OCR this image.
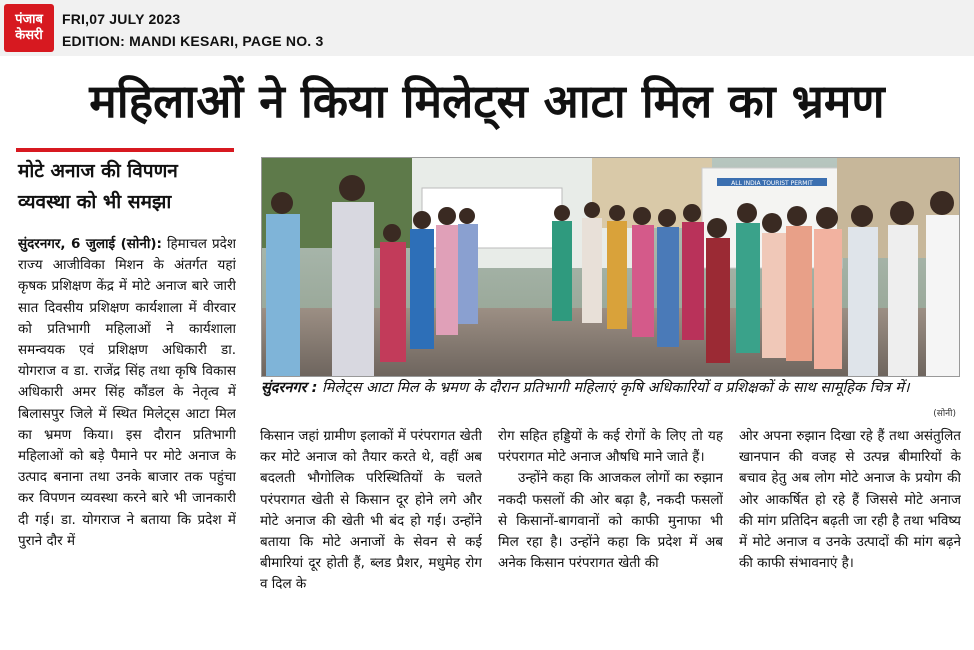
पंजाब
केसरी
FRI,07 JULY 2023
EDITION: MANDI KESARI, PAGE NO. 3
महिलाओं ने किया मिलेट्स आटा मिल का भ्रमण
मोटे अनाज की विपणन व्यवस्था को भी समझा

सुंदरनगर, 6 जुलाई (सोनी): हिमाचल प्रदेश राज्य आजीविका मिशन के अंतर्गत यहां कृषक प्रशिक्षण केंद्र में मोटे अनाज बारे जारी सात दिवसीय प्रशिक्षण कार्यशाला में वीरवार को प्रतिभागी महिलाओं ने कार्यशाला समन्वयक एवं प्रशिक्षण अधिकारी डा. योगराज व डा. राजेंद्र सिंह तथा कृषि विकास अधिकारी अमर सिंह कौंडल के नेतृत्व में बिलासपुर जिले में स्थित मिलेट्स आटा मिल का भ्रमण किया। इस दौरान प्रतिभागी महिलाओं को बड़े पैमाने पर मोटे अनाज के उत्पाद बनाना तथा उनके बाजार तक पहुंचा कर विपणन व्यवस्था करने बारे भी जानकारी दी गई। डा. योगराज ने बताया कि प्रदेश में पुराने दौर में

ALL INDIA TOURIST PERMIT
सुंदरनगर : मिलेट्स आटा मिल के भ्रमण के दौरान प्रतिभागी महिलाएं कृषि अधिकारियों व प्रशिक्षकों के साथ सामूहिक चित्र में।
(सोनी)

किसान जहां ग्रामीण इलाकों में परंपरागत खेती कर मोटे अनाज को तैयार करते थे, वहीं अब बदलती भौगोलिक परिस्थितियों के चलते परंपरागत खेती से किसान दूर होने लगे और मोटे अनाज की खेती भी बंद हो गई। उन्होंने बताया कि मोटे अनाजों के सेवन से कई बीमारियां दूर होती हैं, ब्लड प्रैशर, मधुमेह रोग व दिल के

रोग सहित हड्डियों के कई रोगों के लिए तो यह परंपरागत मोटे अनाज औषधि माने जाते हैं।

उन्होंने कहा कि आजकल लोगों का रुझान नकदी फसलों की ओर बढ़ा है, नकदी फसलों से किसानों-बागवानों को काफी मुनाफा भी मिल रहा है। उन्होंने कहा कि प्रदेश में अब अनेक किसान परंपरागत खेती की

ओर अपना रुझान दिखा रहे हैं तथा असंतुलित खानपान की वजह से उत्पन्न बीमारियों के बचाव हेतु अब लोग मोटे अनाज के प्रयोग की ओर आकर्षित हो रहे हैं जिससे मोटे अनाज की मांग प्रतिदिन बढ़ती जा रही है तथा भविष्य में मोटे अनाज व उनके उत्पादों की मांग बढ़ने की काफी संभावनाएं है।
